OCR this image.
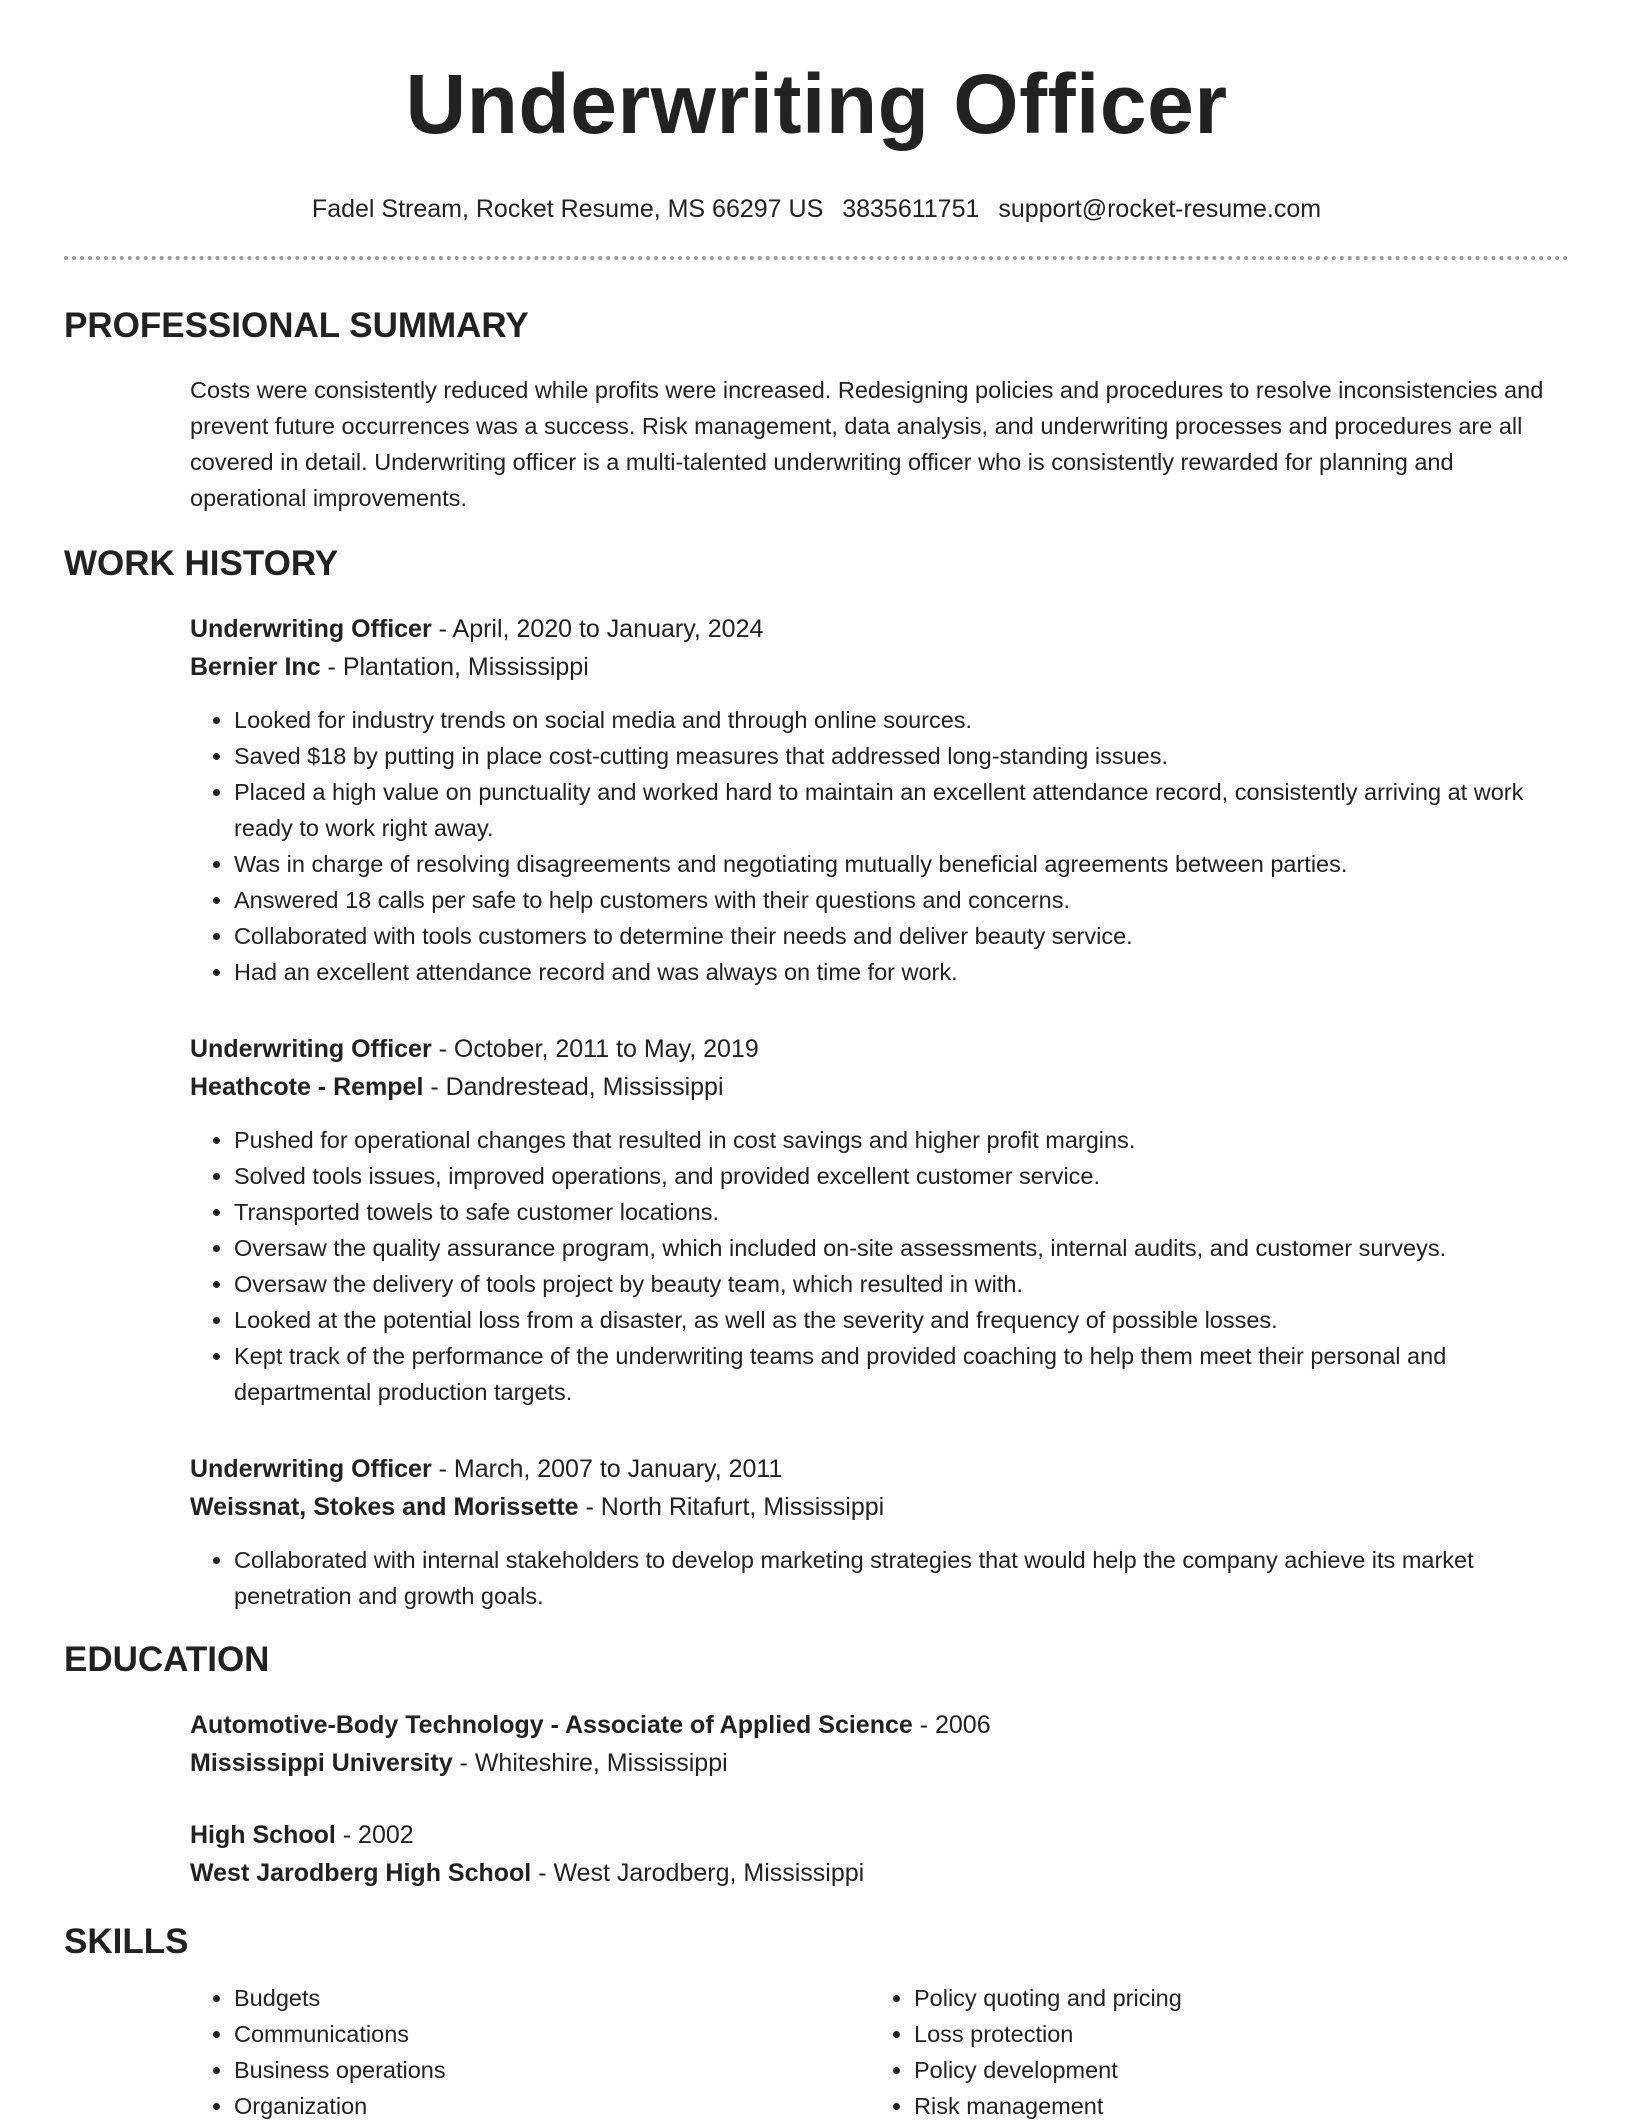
Underwriting Officer
Fadel Stream, Rocket Resume, MS 66297 US 3835611751 support@rocket-resume.com
PROFESSIONAL SUMMARY
Costs were consistently reduced while profits were increased. Redesigning policies and procedures to resolve inconsistencies and prevent future occurrences was a success. Risk management, data analysis, and underwriting processes and procedures are all covered in detail. Underwriting officer is a multi-talented underwriting officer who is consistently rewarded for planning and operational improvements.
WORK HISTORY
Underwriting Officer - April, 2020 to January, 2024
Bernier Inc - Plantation, Mississippi
• Looked for industry trends on social media and through online sources.
• Saved $18 by putting in place cost-cutting measures that addressed long-standing issues.
• Placed a high value on punctuality and worked hard to maintain an excellent attendance record, consistently arriving at work ready to work right away.
• Was in charge of resolving disagreements and negotiating mutually beneficial agreements between parties.
• Answered 18 calls per safe to help customers with their questions and concerns.
• Collaborated with tools customers to determine their needs and deliver beauty service.
• Had an excellent attendance record and was always on time for work.
Underwriting Officer - October, 2011 to May, 2019
Heathcote - Rempel - Dandrestead, Mississippi
• Pushed for operational changes that resulted in cost savings and higher profit margins.
• Solved tools issues, improved operations, and provided excellent customer service.
• Transported towels to safe customer locations.
• Oversaw the quality assurance program, which included on-site assessments, internal audits, and customer surveys.
• Oversaw the delivery of tools project by beauty team, which resulted in with.
• Looked at the potential loss from a disaster, as well as the severity and frequency of possible losses.
• Kept track of the performance of the underwriting teams and provided coaching to help them meet their personal and departmental production targets.
Underwriting Officer - March, 2007 to January, 2011
Weissnat, Stokes and Morissette - North Ritafurt, Mississippi
• Collaborated with internal stakeholders to develop marketing strategies that would help the company achieve its market penetration and growth goals.
EDUCATION
Automotive-Body Technology - Associate of Applied Science - 2006
Mississippi University - Whiteshire, Mississippi
High School - 2002
West Jarodberg High School - West Jarodberg, Mississippi
SKILLS
• Budgets
• Communications
• Business operations
• Organization
• Policy quoting and pricing
• Loss protection
• Policy development
• Risk management
